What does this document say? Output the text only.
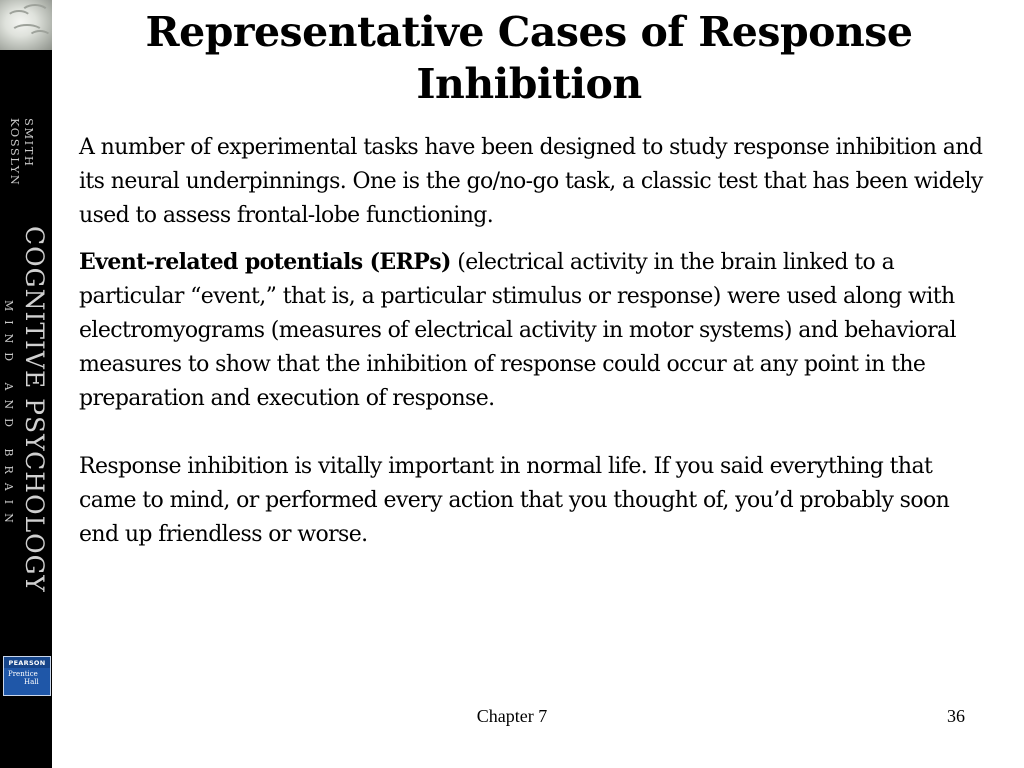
SMITH
KOSSLYN
COGNITIVE PSYCHOLOGY
MIND AND BRAIN
PEARSON
Prentice
Hall
Representative Cases of Response Inhibition

A number of experimental tasks have been designed to study response inhibition and its neural underpinnings. One is the go/no-go task, a classic test that has been widely used to assess frontal-lobe functioning.

Event-related potentials (ERPs) (electrical activity in the brain linked to a particular “event,” that is, a particular stimulus or response) were used along with electromyograms (measures of electrical activity in motor systems) and behavioral measures to show that the inhibition of response could occur at any point in the preparation and execution of response.

Response inhibition is vitally important in normal life. If you said everything that came to mind, or performed every action that you thought of, you’d probably soon end up friendless or worse.

Chapter 7	36
